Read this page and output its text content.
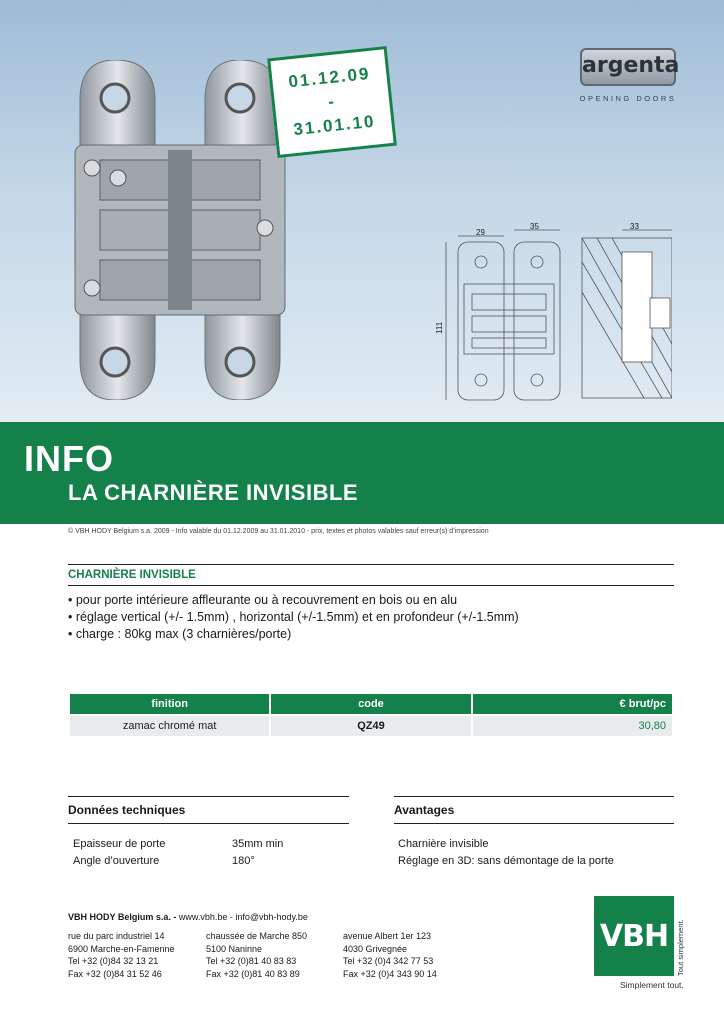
01.12.09
-
31.01.10
argenta
OPENING DOORS
29
35	33
111
INFO
LA CHARNIÈRE INVISIBLE
© VBH HODY Belgium s.a. 2009 - Info valable du 01.12.2009 au 31.01.2010 - prix, textes et photos valables sauf erreur(s) d’impression
CHARNIÈRE INVISIBLE
• pour porte intérieure affleurante ou à recouvrement en bois ou en alu
• réglage vertical (+/- 1.5mm) , horizontal (+/-1.5mm) et en profondeur (+/-1.5mm)
• charge : 80kg max (3 charnières/porte)
finition	code	€ brut/pc
zamac chromé mat	QZ49	30,80
Données techniques
Epaisseur de porte	35mm min
Angle d’ouverture	180°
Avantages
Charnière invisible
Réglage en 3D: sans démontage de la porte
VBH HODY Belgium s.a. - www.vbh.be - info@vbh-hody.be
rue du parc industriel 14
6900 Marche-en-Famenne
Tel +32 (0)84 32 13 21
Fax +32 (0)84 31 52 46
chaussée de Marche 850
5100 Naninne
Tel +32 (0)81 40 83 83
Fax +32 (0)81 40 83 89
avenue Albert 1er 123
4030 Grivegnée
Tel +32 (0)4 342 77 53
Fax +32 (0)4 343 90 14
VBH	Tout simplement.
Simplement tout.
